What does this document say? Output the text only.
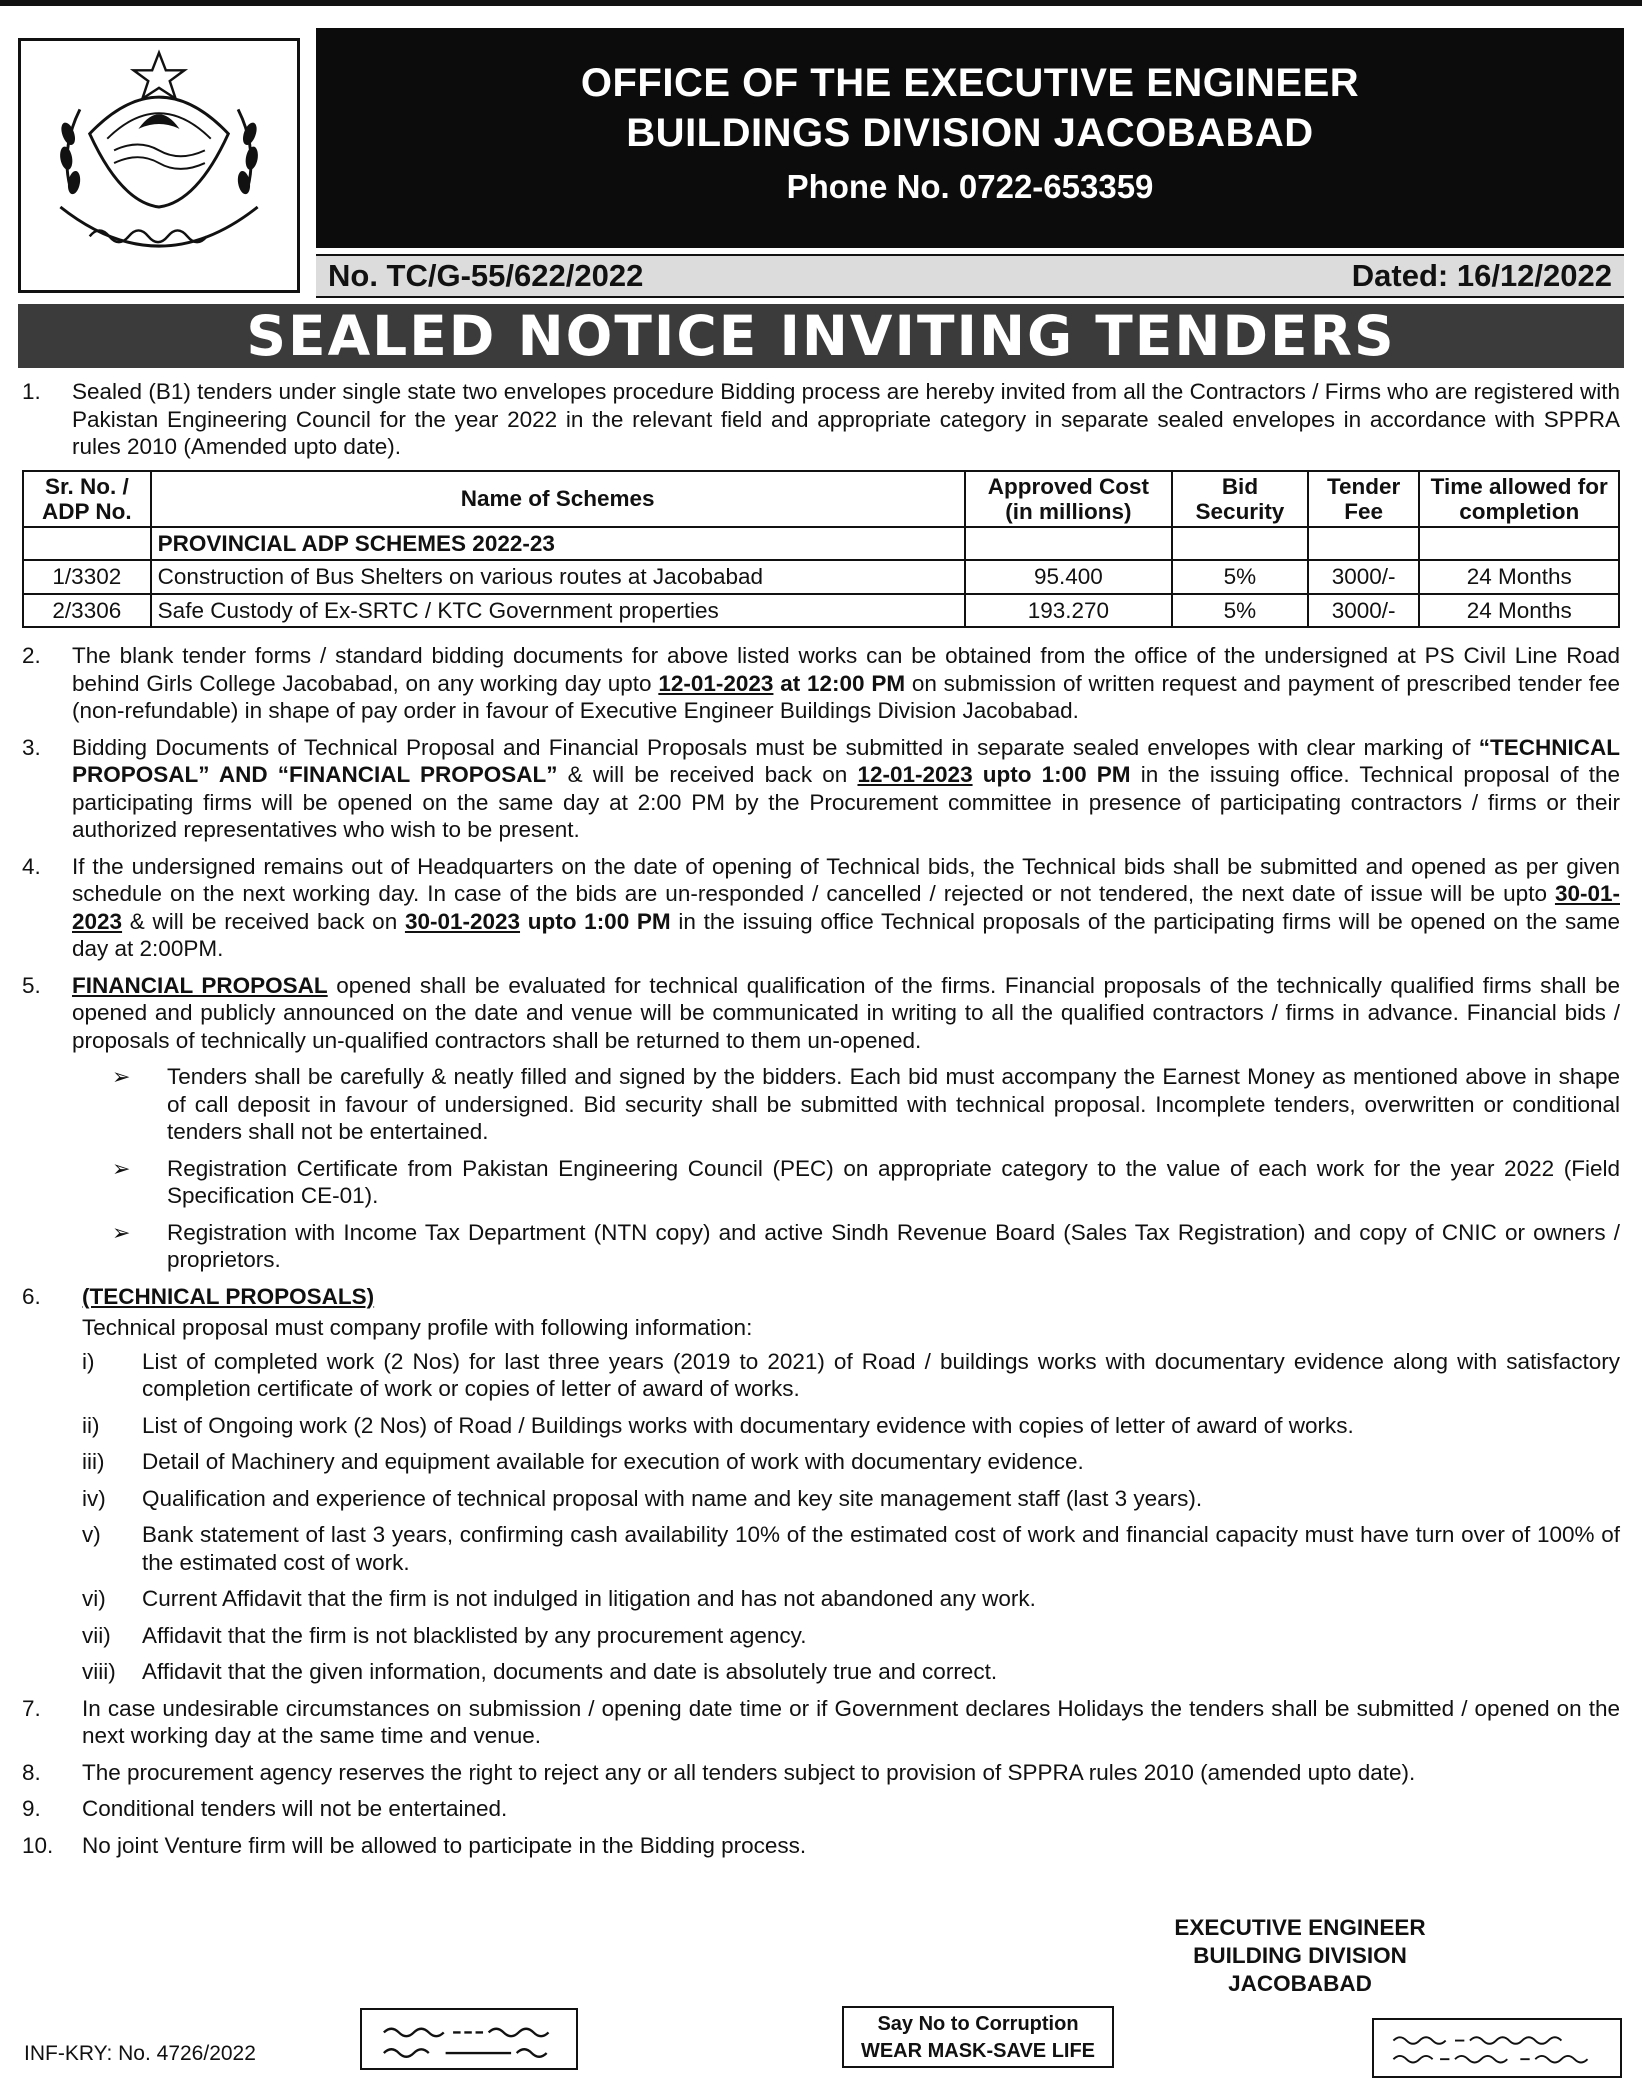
OFFICE OF THE EXECUTIVE ENGINEER
BUILDINGS DIVISION JACOBABAD
Phone No. 0722-653359
No. TC/G-55/622/2022	Dated: 16/12/2022
SEALED NOTICE INVITING TENDERS
1.	Sealed (B1) tenders under single state two envelopes procedure Bidding process are hereby invited from all the Contractors / Firms who are registered with Pakistan Engineering Council for the year 2022 in the relevant field and appropriate category in separate sealed envelopes in accordance with SPPRA rules 2010 (Amended upto date).
Sr. No. / ADP No.	Name of Schemes	Approved Cost (in millions)	Bid Security	Tender Fee	Time allowed for completion
	PROVINCIAL ADP SCHEMES 2022-23				
1/3302	Construction of Bus Shelters on various routes at Jacobabad	95.400	5%	3000/-	24 Months
2/3306	Safe Custody of Ex-SRTC / KTC Government properties	193.270	5%	3000/-	24 Months
2.	The blank tender forms / standard bidding documents for above listed works can be obtained from the office of the undersigned at PS Civil Line Road behind Girls College Jacobabad, on any working day upto 12-01-2023 at 12:00 PM on submission of written request and payment of prescribed tender fee (non-refundable) in shape of pay order in favour of Executive Engineer Buildings Division Jacobabad.
3.	Bidding Documents of Technical Proposal and Financial Proposals must be submitted in separate sealed envelopes with clear marking of “TECHNICAL PROPOSAL” AND “FINANCIAL PROPOSAL” & will be received back on 12-01-2023 upto 1:00 PM in the issuing office. Technical proposal of the participating firms will be opened on the same day at 2:00 PM by the Procurement committee in presence of participating contractors / firms or their authorized representatives who wish to be present.
4.	If the undersigned remains out of Headquarters on the date of opening of Technical bids, the Technical bids shall be submitted and opened as per given schedule on the next working day. In case of the bids are un-responded / cancelled / rejected or not tendered, the next date of issue will be upto 30-01-2023 & will be received back on 30-01-2023 upto 1:00 PM in the issuing office Technical proposals of the participating firms will be opened on the same day at 2:00PM.
5.	FINANCIAL PROPOSAL opened shall be evaluated for technical qualification of the firms. Financial proposals of the technically qualified firms shall be opened and publicly announced on the date and venue will be communicated in writing to all the qualified contractors / firms in advance. Financial bids / proposals of technically un-qualified contractors shall be returned to them un-opened.
➢	Tenders shall be carefully & neatly filled and signed by the bidders. Each bid must accompany the Earnest Money as mentioned above in shape of call deposit in favour of undersigned. Bid security shall be submitted with technical proposal. Incomplete tenders, overwritten or conditional tenders shall not be entertained.
➢	Registration Certificate from Pakistan Engineering Council (PEC) on appropriate category to the value of each work for the year 2022 (Field Specification CE-01).
➢	Registration with Income Tax Department (NTN copy) and active Sindh Revenue Board (Sales Tax Registration) and copy of CNIC or owners / proprietors.
6.	(TECHNICAL PROPOSALS)
Technical proposal must company profile with following information:
i)	List of completed work (2 Nos) for last three years (2019 to 2021) of Road / buildings works with documentary evidence along with satisfactory completion certificate of work or copies of letter of award of works.
ii)	List of Ongoing work (2 Nos) of Road / Buildings works with documentary evidence with copies of letter of award of works.
iii)	Detail of Machinery and equipment available for execution of work with documentary evidence.
iv)	Qualification and experience of technical proposal with name and key site management staff (last 3 years).
v)	Bank statement of last 3 years, confirming cash availability 10% of the estimated cost of work and financial capacity must have turn over of 100% of the estimated cost of work.
vi)	Current Affidavit that the firm is not indulged in litigation and has not abandoned any work.
vii)	Affidavit that the firm is not blacklisted by any procurement agency.
viii)	Affidavit that the given information, documents and date is absolutely true and correct.
7.	In case undesirable circumstances on submission / opening date time or if Government declares Holidays the tenders shall be submitted / opened on the next working day at the same time and venue.
8.	The procurement agency reserves the right to reject any or all tenders subject to provision of SPPRA rules 2010 (amended upto date).
9.	Conditional tenders will not be entertained.
10.	No joint Venture firm will be allowed to participate in the Bidding process.
EXECUTIVE ENGINEER
BUILDING DIVISION
JACOBABAD
INF-KRY: No. 4726/2022
Say No to Corruption
WEAR MASK-SAVE LIFE
